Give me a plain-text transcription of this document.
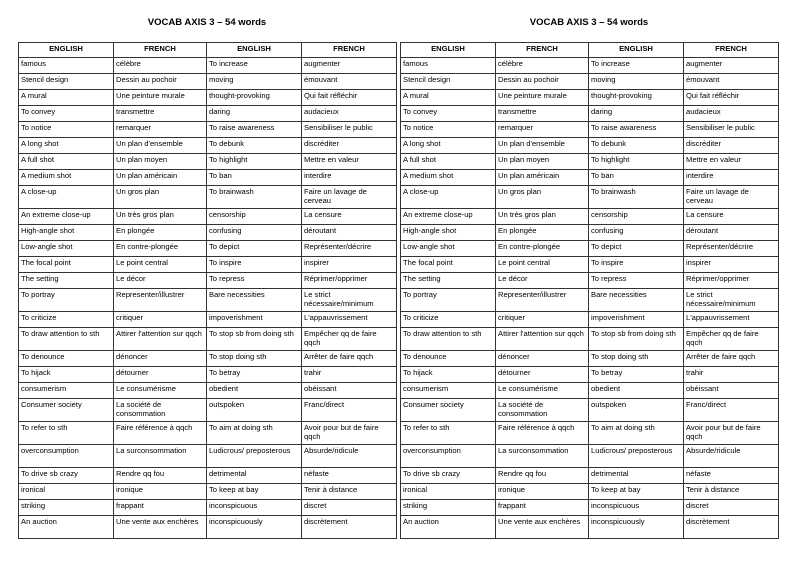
VOCAB AXIS 3 – 54 words
ENGLISH	FRENCH	ENGLISH	FRENCH
famous	célèbre	To increase	augmenter
Stencil design	Dessin au pochoir	moving	émouvant
A mural	Une peinture murale	thought-provoking	Qui fait réfléchir
To convey	transmettre	daring	audacieux
To notice	remarquer	To raise awareness	Sensibiliser le public
A long shot	Un plan d'ensemble	To debunk	discréditer
A full shot	Un plan moyen	To highlight	Mettre en valeur
A medium shot	Un plan américain	To ban	interdire
A close-up	Un gros plan	To brainwash	Faire un lavage de cerveau
An extreme close-up	Un très gros plan	censorship	La censure
High-angle shot	En plongée	confusing	déroutant
Low-angle shot	En contre-plongée	To depict	Représenter/décrire
The focal point	Le point central	To inspire	inspirer
The setting	Le décor	To repress	Réprimer/opprimer
To portray	Representer/illustrer	Bare necessities	Le strict nécessaire/minimum
To criticize	critiquer	impoverishment	L'appauvrissement
To draw attention to sth	Attirer l'attention sur qqch	To stop sb from doing sth	Empêcher qq de faire qqch
To denounce	dénoncer	To stop doing sth	Arrêter de faire qqch
To hijack	détourner	To betray	trahir
consumerism	Le consumérisme	obedient	obéissant
Consumer society	La société de consommation	outspoken	Franc/direct
To refer to sth	Faire référence à qqch	To aim at doing sth	Avoir pour but de faire qqch
overconsumption	La surconsommation	Ludicrous/ preposterous	Absurde/ridicule
To drive sb crazy	Rendre qq fou	detrimental	néfaste
ironical	ironique	To keep at bay	Tenir à distance
striking	frappant	inconspicuous	discret
An auction	Une vente aux enchères	inconspicuously	discrètement
VOCAB AXIS 3 – 54 words
ENGLISH	FRENCH	ENGLISH	FRENCH
famous	célèbre	To increase	augmenter
Stencil design	Dessin au pochoir	moving	émouvant
A mural	Une peinture murale	thought-provoking	Qui fait réfléchir
To convey	transmettre	daring	audacieux
To notice	remarquer	To raise awareness	Sensibiliser le public
A long shot	Un plan d'ensemble	To debunk	discréditer
A full shot	Un plan moyen	To highlight	Mettre en valeur
A medium shot	Un plan américain	To ban	interdire
A close-up	Un gros plan	To brainwash	Faire un lavage de cerveau
An extreme close-up	Un très gros plan	censorship	La censure
High-angle shot	En plongée	confusing	déroutant
Low-angle shot	En contre-plongée	To depict	Représenter/décrire
The focal point	Le point central	To inspire	inspirer
The setting	Le décor	To repress	Réprimer/opprimer
To portray	Representer/illustrer	Bare necessities	Le strict nécessaire/minimum
To criticize	critiquer	impoverishment	L'appauvrissement
To draw attention to sth	Attirer l'attention sur qqch	To stop sb from doing sth	Empêcher qq de faire qqch
To denounce	dénoncer	To stop doing sth	Arrêter de faire qqch
To hijack	détourner	To betray	trahir
consumerism	Le consumérisme	obedient	obéissant
Consumer society	La société de consommation	outspoken	Franc/direct
To refer to sth	Faire référence à qqch	To aim at doing sth	Avoir pour but de faire qqch
overconsumption	La surconsommation	Ludicrous/ preposterous	Absurde/ridicule
To drive sb crazy	Rendre qq fou	detrimental	néfaste
ironical	ironique	To keep at bay	Tenir à distance
striking	frappant	inconspicuous	discret
An auction	Une vente aux enchères	inconspicuously	discrètement
